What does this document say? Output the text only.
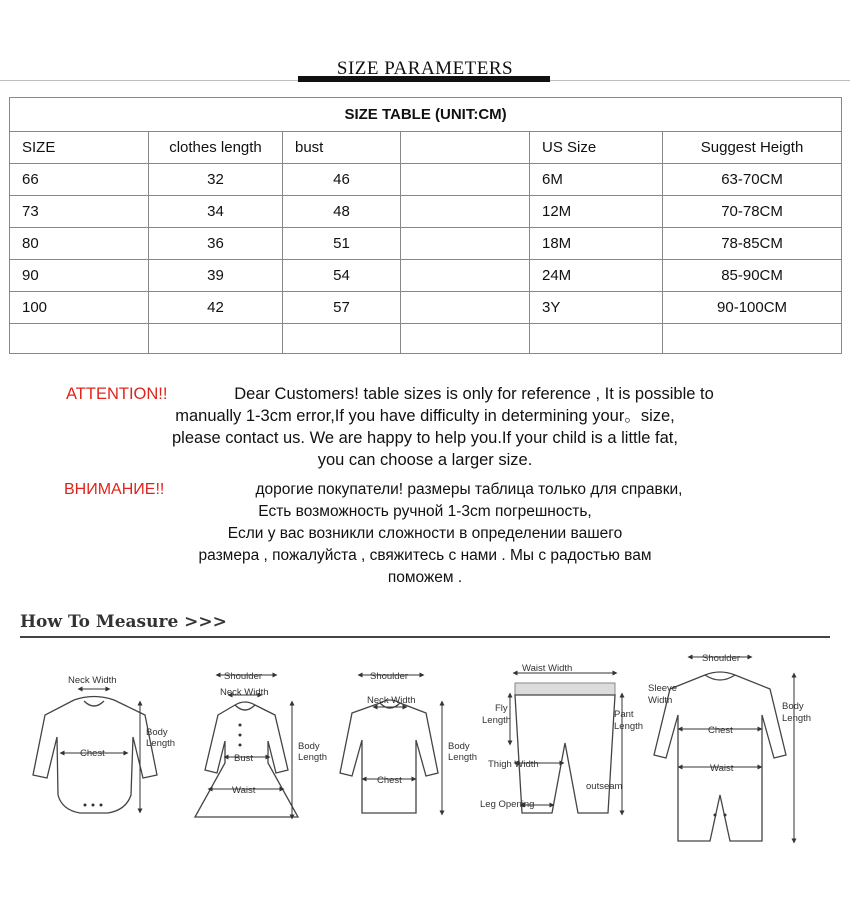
SIZE PARAMETERS
SIZE TABLE (UNIT:CM)					
SIZE	clothes length	bust		US Size	Suggest Heigth
66	32	46		6M	63-70CM
73	34	48		12M	70-78CM
80	36	51		18M	78-85CM
90	39	54		24M	85-90CM
100	42	57		3Y	90-100CM

ATTENTION!!	Dear Customers! table sizes is only for reference , It is possible to
manually 1-3cm error,If you have difficulty in determining your。size,
please contact us. We are happy to help you.If your child is a little fat,
you can choose a larger size.
ВНИМАНИЕ!!	дорогие покупатели! размеры таблица только для справки,
Есть возможность ручной 1-3cm погрешность,
Если у вас возникли сложности в определении вашего
размера , пожалуйста , свяжитесь с нами . Мы с радостью вам
поможем .
How To Measure >>>
Neck Width
Chest
Body
Length
Shoulder
Neck Width
Bust
Waist
Body
Length
Shoulder
Neck Width
Chest
Body
Length
Waist Width
Fly
Length
Pant
Length
Thigh Width
outseam
Leg Opening
Shoulder
Sleeve
Width
Chest
Waist
Body
Length
